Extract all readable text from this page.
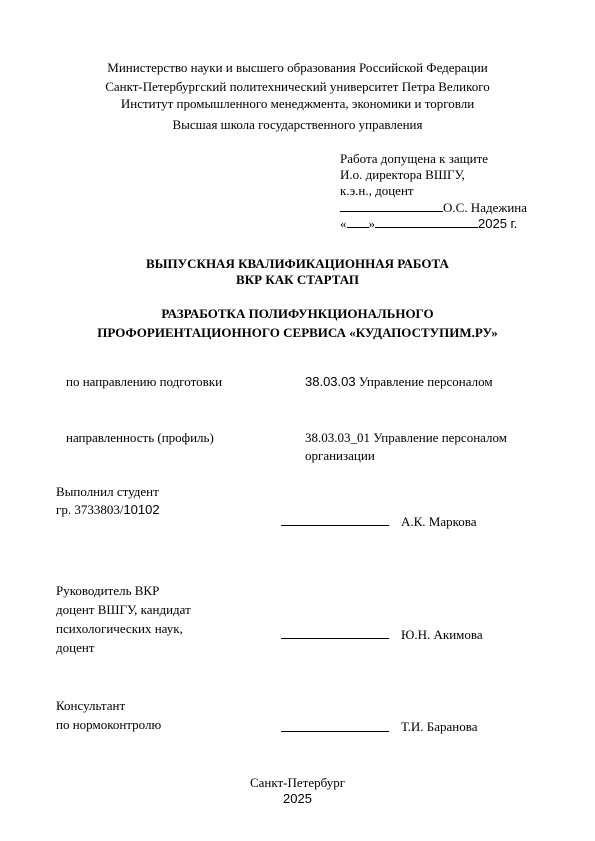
Министерство науки и высшего образования Российской Федерации
Санкт-Петербургский политехнический университет Петра Великого
Институт промышленного менеджмента, экономики и торговли
Высшая школа государственного управления
Работа допущена к защите
И.о. директора ВШГУ,
к.э.н., доцент
О.С. Надежина
« »	2025 г.
ВЫПУСКНАЯ КВАЛИФИКАЦИОННАЯ РАБОТА
ВКР КАК СТАРТАП
РАЗРАБОТКА ПОЛИФУНКЦИОНАЛЬНОГО
ПРОФОРИЕНТАЦИОННОГО СЕРВИСА «КУДАПОСТУПИМ.РУ»
по направлению подготовки	38.03.03 Управление персоналом
направленность (профиль)	38.03.03_01 Управление персоналом
организации
Выполнил студент
гр. 3733803/10102
А.К. Маркова
Руководитель ВКР
доцент ВШГУ, кандидат
психологических наук,
доцент
Ю.Н. Акимова
Консультант
по нормоконтролю	Т.И. Баранова
Санкт-Петербург
2025
